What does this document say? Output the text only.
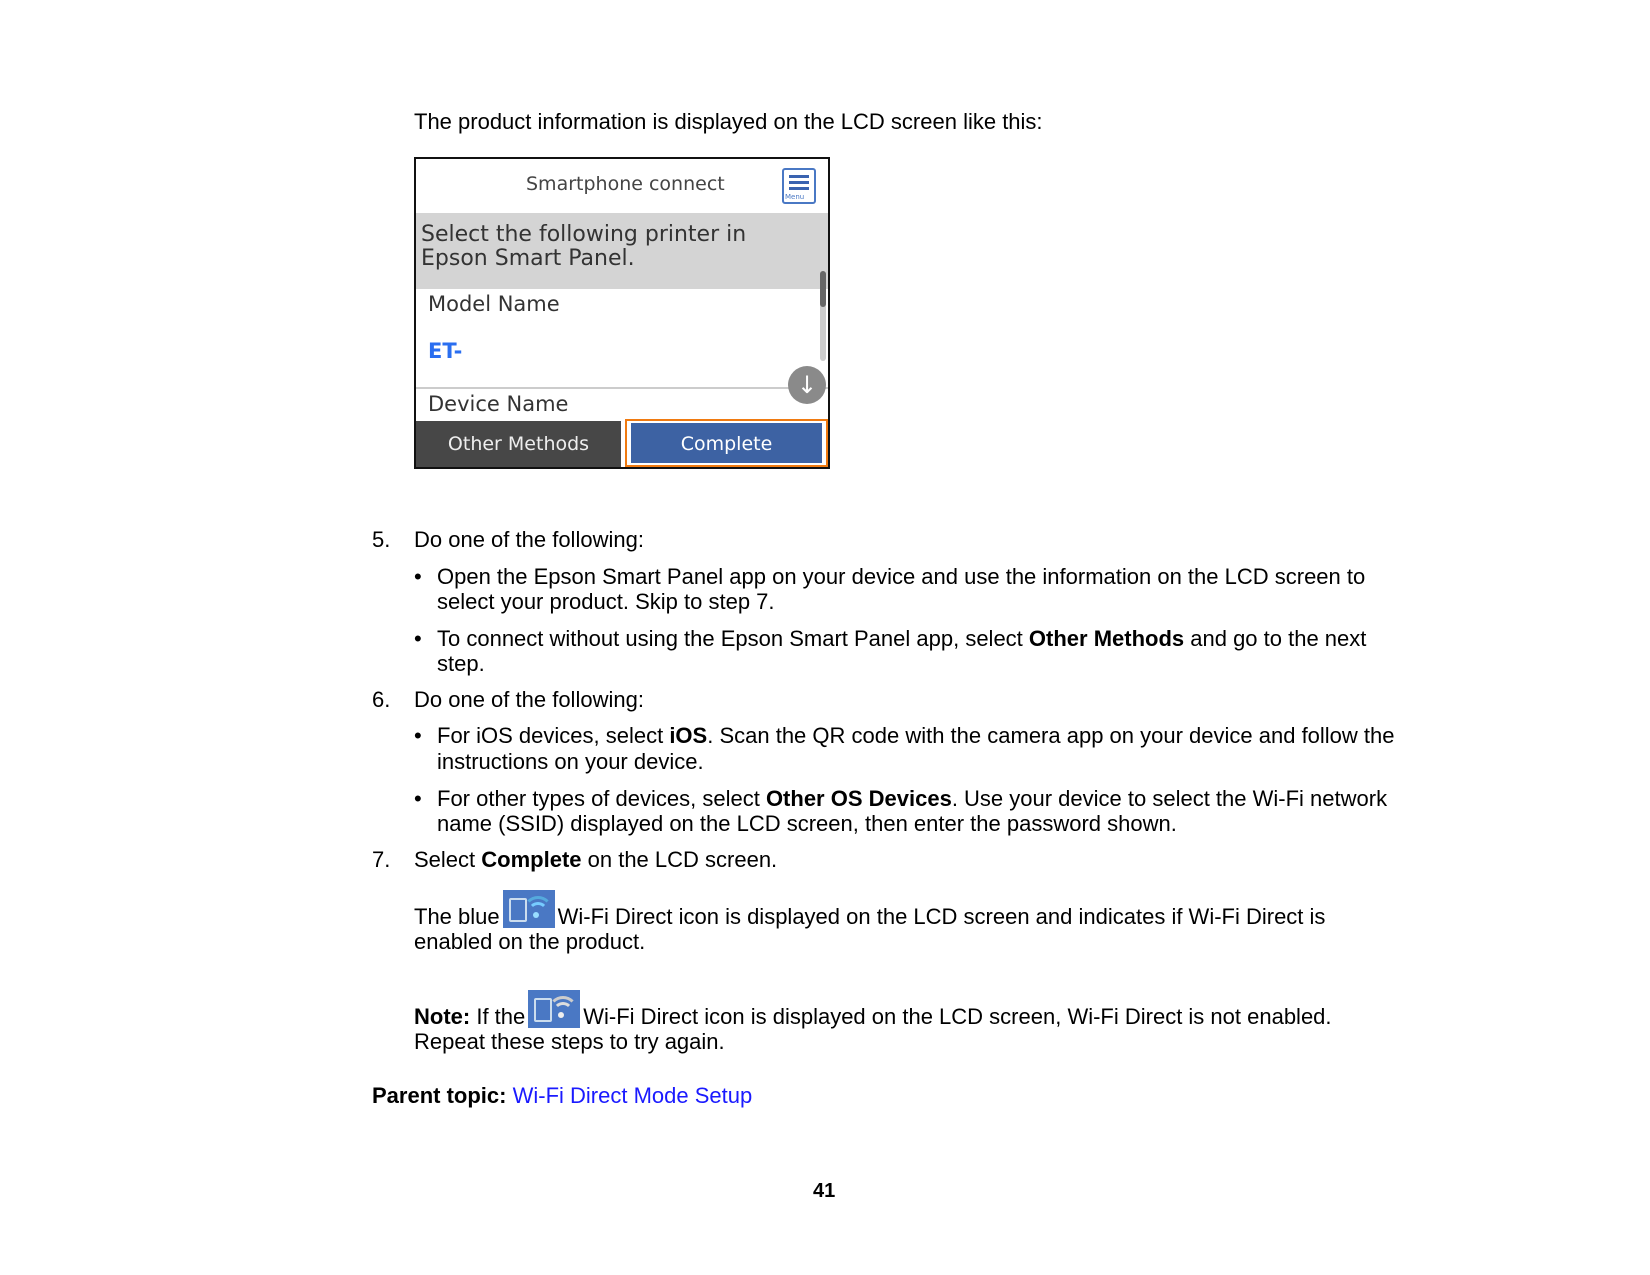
The product information is displayed on the LCD screen like this:
Smartphone connect
Menu
Select the following printer in
Epson Smart Panel.
Model Name
ET-
Device Name
↓
Other Methods	Complete
5. Do one of the following:
• Open the Epson Smart Panel app on your device and use the information on the LCD screen to
select your product. Skip to step 7.
• To connect without using the Epson Smart Panel app, select Other Methods and go to the next
step.
6. Do one of the following:
• For iOS devices, select iOS. Scan the QR code with the camera app on your device and follow the
instructions on your device.
• For other types of devices, select Other OS Devices. Use your device to select the Wi-Fi network
name (SSID) displayed on the LCD screen, then enter the password shown.
7. Select Complete on the LCD screen.
The blue	Wi-Fi Direct icon is displayed on the LCD screen and indicates if Wi-Fi Direct is
enabled on the product.
Note: If the	Wi-Fi Direct icon is displayed on the LCD screen, Wi-Fi Direct is not enabled.
Repeat these steps to try again.
Parent topic: Wi-Fi Direct Mode Setup
41
